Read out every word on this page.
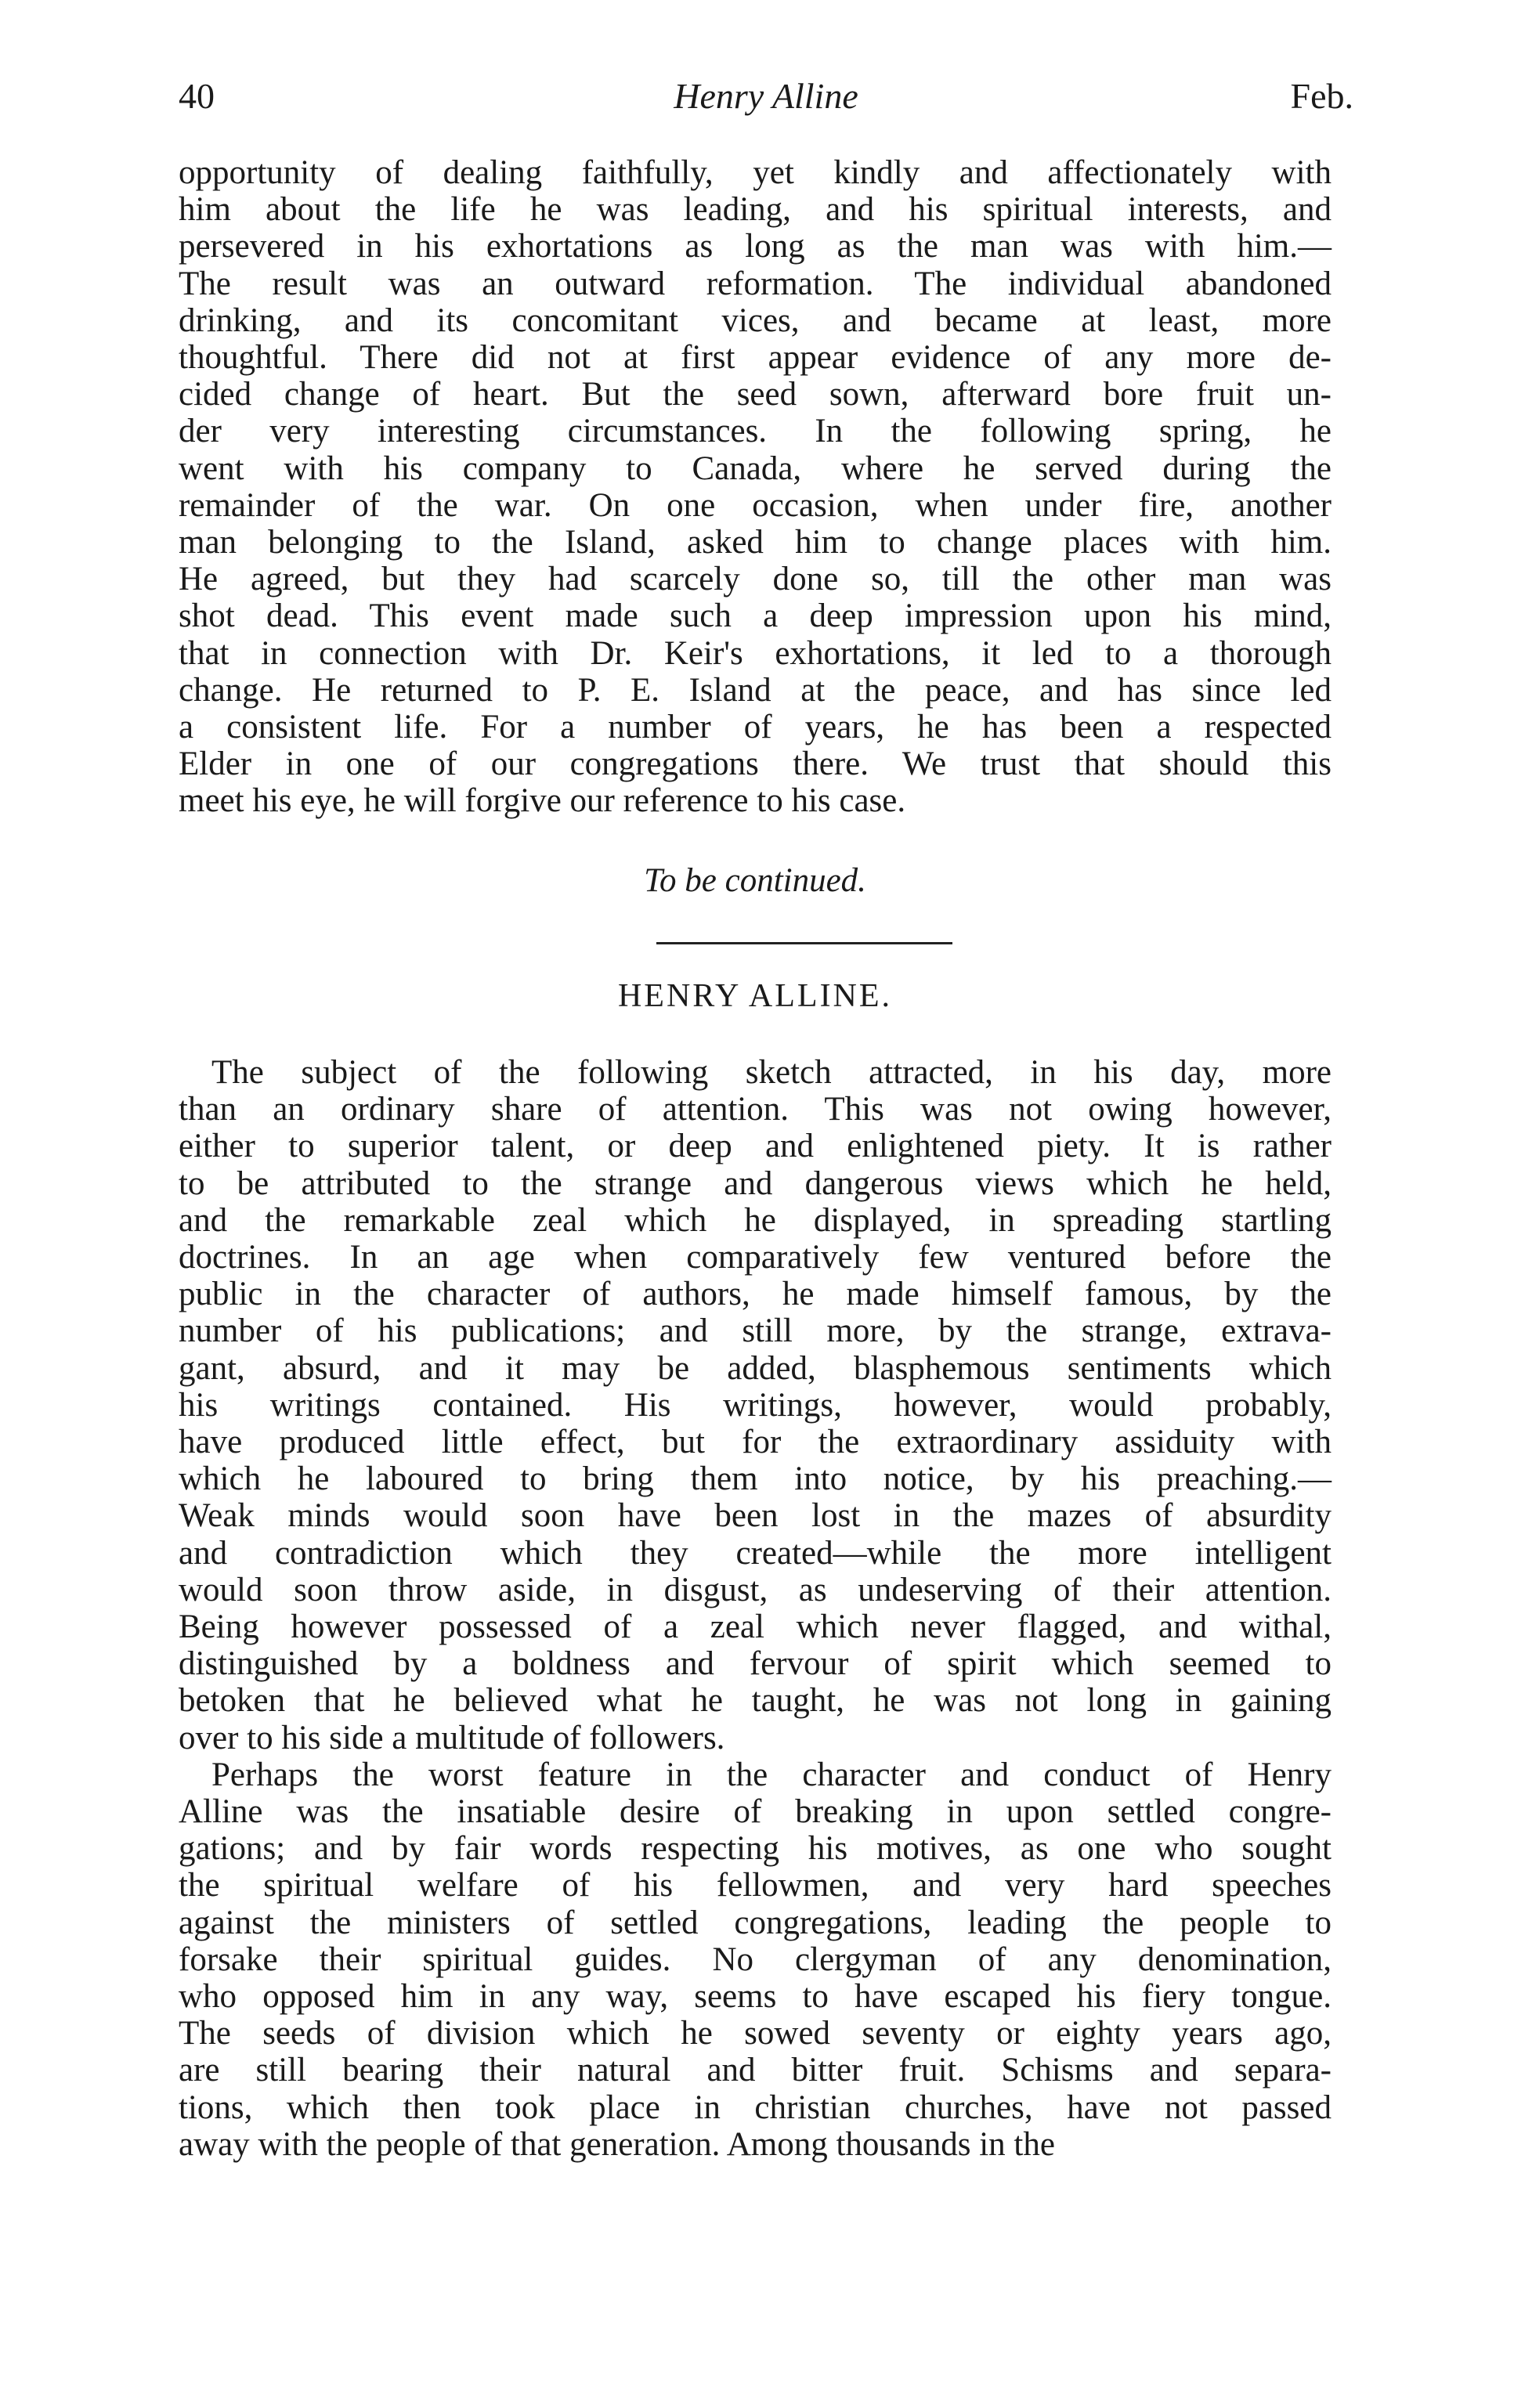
40	Henry Alline	Feb.

opportunity of dealing faithfully, yet kindly and affectionately with
him about the life he was leading, and his spiritual interests, and
persevered in his exhortations as long as the man was with him.—
The result was an outward reformation. The individual abandoned
drinking, and its concomitant vices, and became at least, more
thoughtful. There did not at first appear evidence of any more de-
cided change of heart. But the seed sown, afterward bore fruit un-
der very interesting circumstances. In the following spring, he
went with his company to Canada, where he served during the
remainder of the war. On one occasion, when under fire, another
man belonging to the Island, asked him to change places with him.
He agreed, but they had scarcely done so, till the other man was
shot dead. This event made such a deep impression upon his mind,
that in connection with Dr. Keir's exhortations, it led to a thorough
change. He returned to P. E. Island at the peace, and has since led
a consistent life. For a number of years, he has been a respected
Elder in one of our congregations there. We trust that should this
meet his eye, he will forgive our reference to his case.

To be continued.
HENRY ALLINE.

The subject of the following sketch attracted, in his day, more
than an ordinary share of attention. This was not owing however,
either to superior talent, or deep and enlightened piety. It is rather
to be attributed to the strange and dangerous views which he held,
and the remarkable zeal which he displayed, in spreading startling
doctrines. In an age when comparatively few ventured before the
public in the character of authors, he made himself famous, by the
number of his publications; and still more, by the strange, extrava-
gant, absurd, and it may be added, blasphemous sentiments which
his writings contained. His writings, however, would probably,
have produced little effect, but for the extraordinary assiduity with
which he laboured to bring them into notice, by his preaching.—
Weak minds would soon have been lost in the mazes of absurdity
and contradiction which they created—while the more intelligent
would soon throw aside, in disgust, as undeserving of their attention.
Being however possessed of a zeal which never flagged, and withal,
distinguished by a boldness and fervour of spirit which seemed to
betoken that he believed what he taught, he was not long in gaining
over to his side a multitude of followers.

Perhaps the worst feature in the character and conduct of Henry
Alline was the insatiable desire of breaking in upon settled congre-
gations; and by fair words respecting his motives, as one who sought
the spiritual welfare of his fellowmen, and very hard speeches
against the ministers of settled congregations, leading the people to
forsake their spiritual guides. No clergyman of any denomination,
who opposed him in any way, seems to have escaped his fiery tongue.
The seeds of division which he sowed seventy or eighty years ago,
are still bearing their natural and bitter fruit. Schisms and separa-
tions, which then took place in christian churches, have not passed
away with the people of that generation. Among thousands in the
